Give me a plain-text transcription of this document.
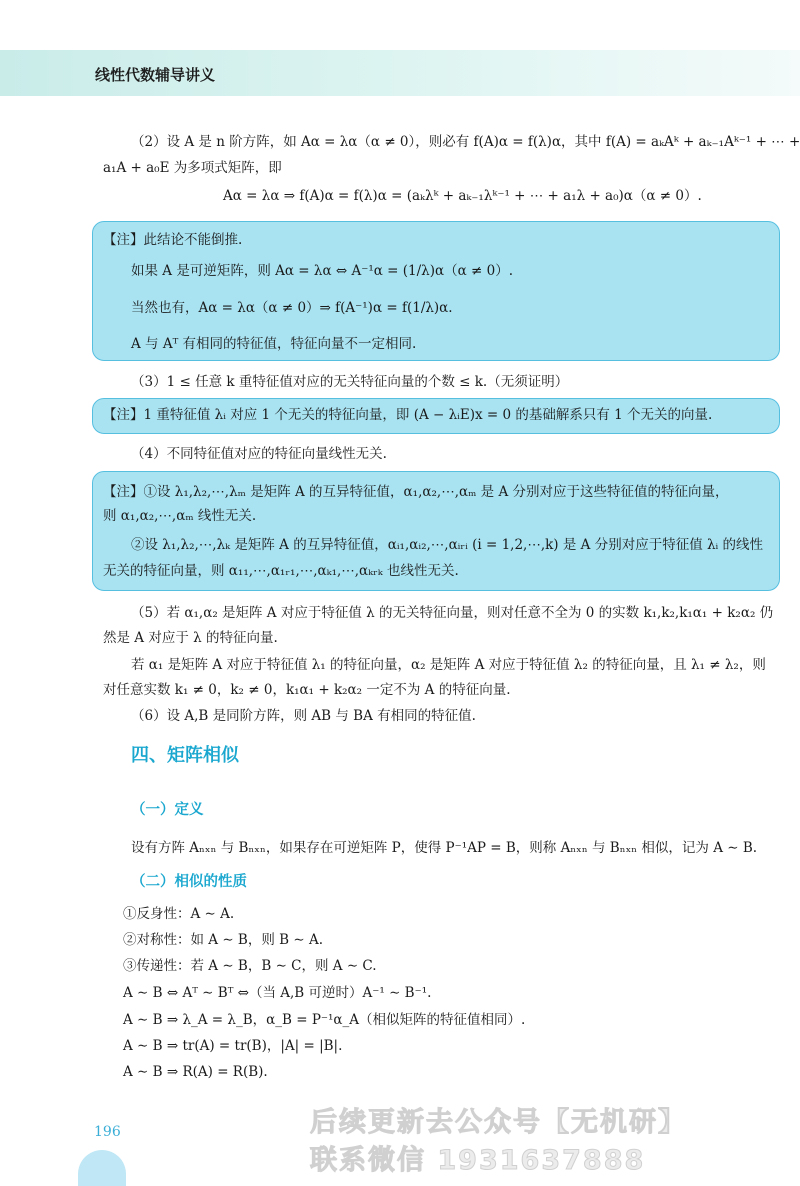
线性代数辅导讲义
（2）设 A 是 n 阶方阵，如 Aα = λα（α ≠ 0），则必有 f(A)α = f(λ)α，其中 f(A) = aₖAᵏ + aₖ₋₁Aᵏ⁻¹ + ⋯ +
a₁A + a₀E 为多项式矩阵，即
Aα = λα ⇒ f(A)α = f(λ)α = (aₖλᵏ + aₖ₋₁λᵏ⁻¹ + ⋯ + a₁λ + a₀)α（α ≠ 0）.
【注】此结论不能倒推.
如果 A 是可逆矩阵，则 Aα = λα ⇔ A⁻¹α = (1/λ)α（α ≠ 0）.
当然也有，Aα = λα（α ≠ 0）⇒ f(A⁻¹)α = f(1/λ)α.
A 与 Aᵀ 有相同的特征值，特征向量不一定相同.
（3）1 ≤ 任意 k 重特征值对应的无关特征向量的个数 ≤ k.（无须证明）
【注】1 重特征值 λᵢ 对应 1 个无关的特征向量，即 (A − λᵢE)x = 0 的基础解系只有 1 个无关的向量.
（4）不同特征值对应的特征向量线性无关.
【注】①设 λ₁,λ₂,⋯,λₘ 是矩阵 A 的互异特征值，α₁,α₂,⋯,αₘ 是 A 分别对应于这些特征值的特征向量，
则 α₁,α₂,⋯,αₘ 线性无关.
②设 λ₁,λ₂,⋯,λₖ 是矩阵 A 的互异特征值，αᵢ₁,αᵢ₂,⋯,αᵢᵣᵢ (i = 1,2,⋯,k) 是 A 分别对应于特征值 λᵢ 的线性
无关的特征向量，则 α₁₁,⋯,α₁ᵣ₁,⋯,αₖ₁,⋯,αₖᵣₖ 也线性无关.
（5）若 α₁,α₂ 是矩阵 A 对应于特征值 λ 的无关特征向量，则对任意不全为 0 的实数 k₁,k₂,k₁α₁ + k₂α₂ 仍
然是 A 对应于 λ 的特征向量.
若 α₁ 是矩阵 A 对应于特征值 λ₁ 的特征向量，α₂ 是矩阵 A 对应于特征值 λ₂ 的特征向量，且 λ₁ ≠ λ₂，则
对任意实数 k₁ ≠ 0，k₂ ≠ 0，k₁α₁ + k₂α₂ 一定不为 A 的特征向量.
（6）设 A,B 是同阶方阵，则 AB 与 BA 有相同的特征值.
四、矩阵相似
（一）定义
设有方阵 Aₙₓₙ 与 Bₙₓₙ，如果存在可逆矩阵 P，使得 P⁻¹AP = B，则称 Aₙₓₙ 与 Bₙₓₙ 相似，记为 A ∼ B.
（二）相似的性质
①反身性：A ∼ A.
②对称性：如 A ∼ B，则 B ∼ A.
③传递性：若 A ∼ B，B ∼ C，则 A ∼ C.
A ∼ B ⇔ Aᵀ ∼ Bᵀ ⇔（当 A,B 可逆时）A⁻¹ ∼ B⁻¹.
A ∼ B ⇒ λ_A = λ_B，α_B = P⁻¹α_A（相似矩阵的特征值相同）.
A ∼ B ⇒ tr(A) = tr(B)，|A| = |B|.
A ∼ B ⇒ R(A) = R(B).
后续更新去公众号【无机研】
联系微信 1931637888
196
